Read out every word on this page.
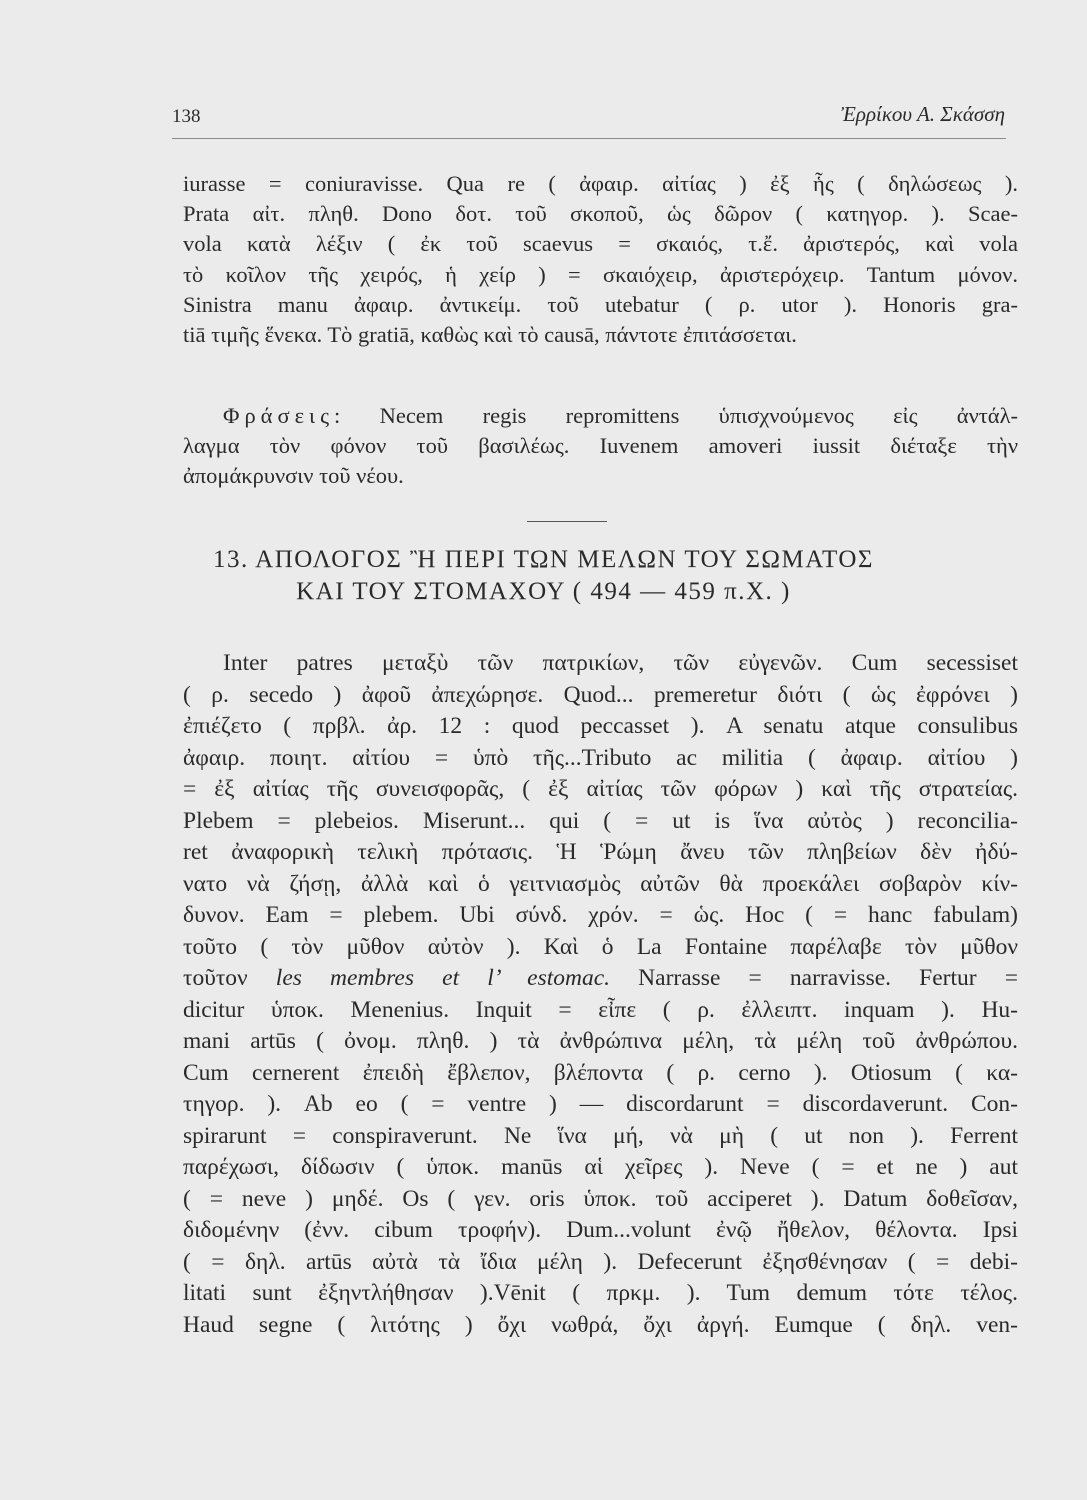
138	Ἐρρίκου Α. Σκάσση
iurasse = coniuravisse. Qua re ( ἀφαιρ. αἰτίας ) ἐξ ἧς ( δηλώσεως ).
Prata αἰτ. πληθ. Dono δοτ. τοῦ σκοποῦ, ὡς δῶρον ( κατηγορ. ). Scae-
vola κατὰ λέξιν ( ἐκ τοῦ scaevus = σκαιός, τ.ἔ. ἀριστερός, καὶ vola
τὸ κοῖλον τῆς χειρός, ἡ χείρ ) = σκαιόχειρ, ἀριστερόχειρ. Tantum μόνον.
Sinistra manu ἀφαιρ. ἀντικείμ. τοῦ utebatur ( ρ. utor ). Honoris gra-
tiā τιμῆς ἕνεκα. Τὸ gratiā, καθὼς καὶ τὸ causā, πάντοτε ἐπιτάσσεται.
Φράσεις: Necem regis repromittens ὑπισχνούμενος εἰς ἀντάλ-
λαγμα τὸν φόνον τοῦ βασιλέως. Iuvenem amoveri iussit διέταξε τὴν
ἀπομάκρυνσιν τοῦ νέου.
13. ΑΠΟΛΟΓΟΣ Ἢ ΠΕΡΙ ΤΩΝ ΜΕΛΩΝ ΤΟΥ ΣΩΜΑΤΟΣ
ΚΑΙ ΤΟΥ ΣΤΟΜΑΧΟΥ ( 494 — 459 π.Χ. )
Inter patres μεταξὺ τῶν πατρικίων, τῶν εὐγενῶν. Cum secessiset
( ρ. secedo ) ἀφοῦ ἀπεχώρησε. Quod... premeretur διότι ( ὡς ἐφρόνει )
ἐπιέζετο ( πρβλ. ἀρ. 12 : quod peccasset ). A senatu atque consulibus
ἀφαιρ. ποιητ. αἰτίου = ὑπὸ τῆς...Tributo ac militia ( ἀφαιρ. αἰτίου )
= ἐξ αἰτίας τῆς συνεισφορᾶς, ( ἐξ αἰτίας τῶν φόρων ) καὶ τῆς στρατείας.
Plebem = plebeios. Miserunt... qui ( = ut is ἵνα αὐτὸς ) reconcilia-
ret ἀναφορικὴ τελικὴ πρότασις. Ἡ Ῥώμη ἄνευ τῶν πληβείων δὲν ἠδύ-
νατο νὰ ζήσῃ, ἀλλὰ καὶ ὁ γειτνιασμὸς αὐτῶν θὰ προεκάλει σοβαρὸν κίν-
δυνον. Eam = plebem. Ubi σύνδ. χρόν. = ὡς. Hoc ( = hanc fabulam)
τοῦτο ( τὸν μῦθον αὐτὸν ). Καὶ ὁ La Fontaine παρέλαβε τὸν μῦθον
τοῦτον les membres et l’ estomac. Narrasse = narravisse. Fertur =
dicitur ὑποκ. Menenius. Inquit = εἶπε ( ρ. ἐλλειπτ. inquam ). Hu-
mani artūs ( ὀνομ. πληθ. ) τὰ ἀνθρώπινα μέλη, τὰ μέλη τοῦ ἀνθρώπου.
Cum cernerent ἐπειδὴ ἔβλεπον, βλέποντα ( ρ. cerno ). Otiosum ( κα-
τηγορ. ). Ab eo ( = ventre ) — discordarunt = discordaverunt. Con-
spirarunt = conspiraverunt. Ne ἵνα μή, νὰ μὴ ( ut non ). Ferrent
παρέχωσι, δίδωσιν ( ὑποκ. manūs αἱ χεῖρες ). Neve ( = et ne ) aut
( = neve ) μηδέ. Os ( γεν. oris ὑποκ. τοῦ acciperet ). Datum δοθεῖσαν,
διδομένην (ἐνν. cibum τροφήν). Dum...volunt ἐνῷ ἤθελον, θέλοντα. Ipsi
( = δηλ. artūs αὐτὰ τὰ ἴδια μέλη ). Defecerunt ἐξησθένησαν ( = debi-
litati sunt ἐξηντλήθησαν ).Vēnit ( πρκμ. ). Tum demum τότε τέλος.
Haud segne ( λιτότης ) ὄχι νωθρά, ὄχι ἀργή. Eumque ( δηλ. ven-
